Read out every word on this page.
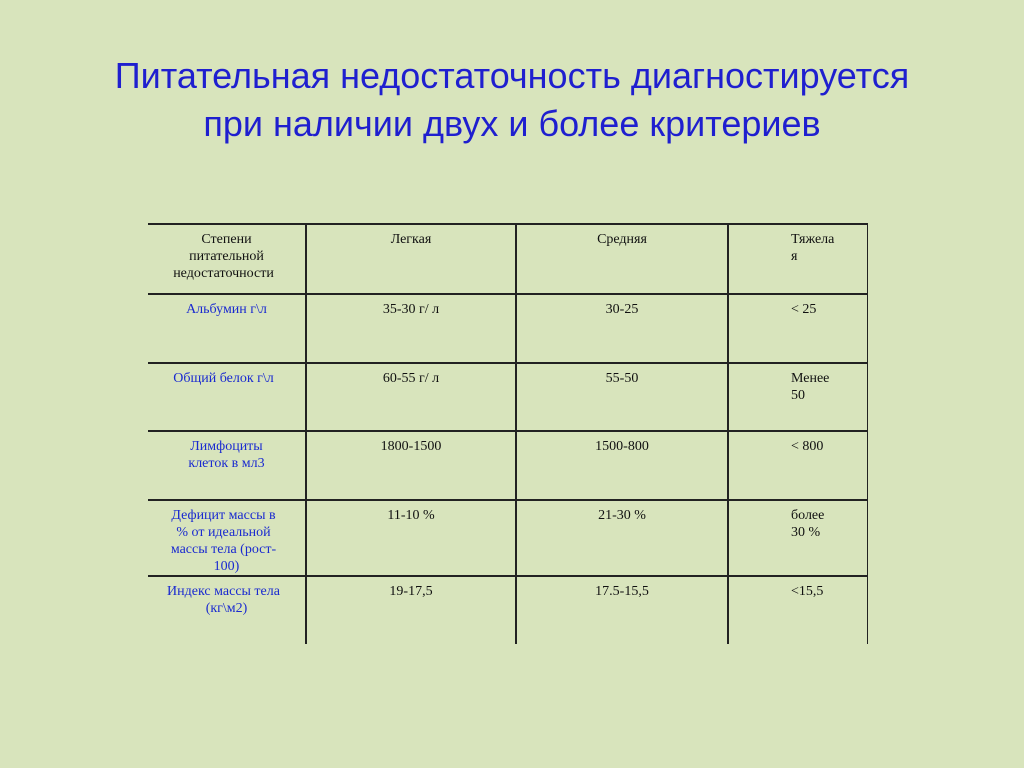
Питательная недостаточность диагностируется
при наличии двух и более критериев
Степени
питательной

недостаточности	Легкая	Средняя	Тяжела
я
Альбумин г\л	35-30 г/ л	30-25	< 25

Общий белок г\л	60-55 г/ л	55-50	Менее
50
Лимфоциты
клеток в мл3	1800-1500	1500-800	< 800

Дефицит массы в
% от идеальной
массы тела (рост-
100)	11-10 %	21-30 %	более
30 %

Индекс массы тела
(кг\м2)	19-17,5	17.5-15,5	<15,5
